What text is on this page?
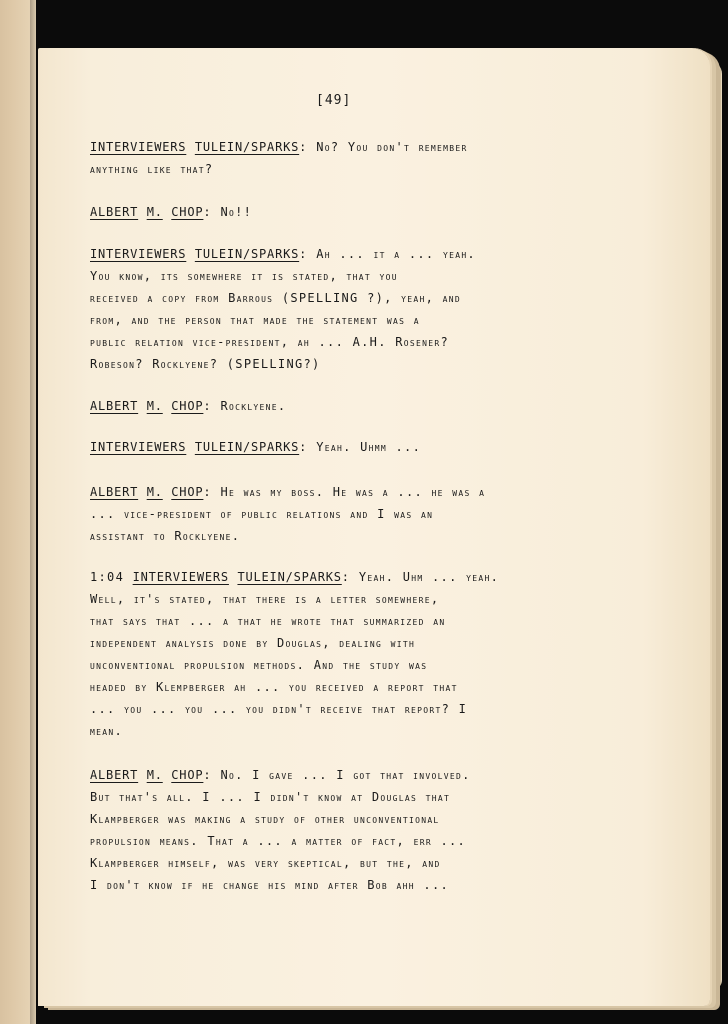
[49]
INTERVIEWERS TULEIN/SPARKS: No? You don't remember
anything like that?
ALBERT M. CHOP: No!!
INTERVIEWERS TULEIN/SPARKS: Ah ... it a ... yeah.
You know, its somewhere it is stated, that you
received a copy from Barrous (SPELLING ?), yeah, and
from, and the person that made the statement was a
public relation vice-president, ah ... A.H. Rosener?
Robeson? Rocklyene? (SPELLING?)
ALBERT M. CHOP: Rocklyene.
INTERVIEWERS TULEIN/SPARKS: Yeah. Uhmm ...
ALBERT M. CHOP: He was my boss. He was a ... he was a
... vice-president of public relations and I was an
assistant to Rocklyene.
1:04 INTERVIEWERS TULEIN/SPARKS: Yeah. Uhm ... yeah.
Well, it's stated, that there is a letter somewhere,
that says that ... a that he wrote that summarized an
independent analysis done by Douglas, dealing with
unconventional propulsion methods. And the study was
headed by Klempberger ah ... you received a report that
... you ... you ... you didn't receive that report? I
mean.
ALBERT M. CHOP: No. I gave ... I got that involved.
But that's all. I ... I didn't know at Douglas that
Klampberger was making a study of other unconventional
propulsion means. That a ... a matter of fact, err ...
Klampberger himself, was very skeptical, but the, and
I don't know if he change his mind after Bob ahh ...
